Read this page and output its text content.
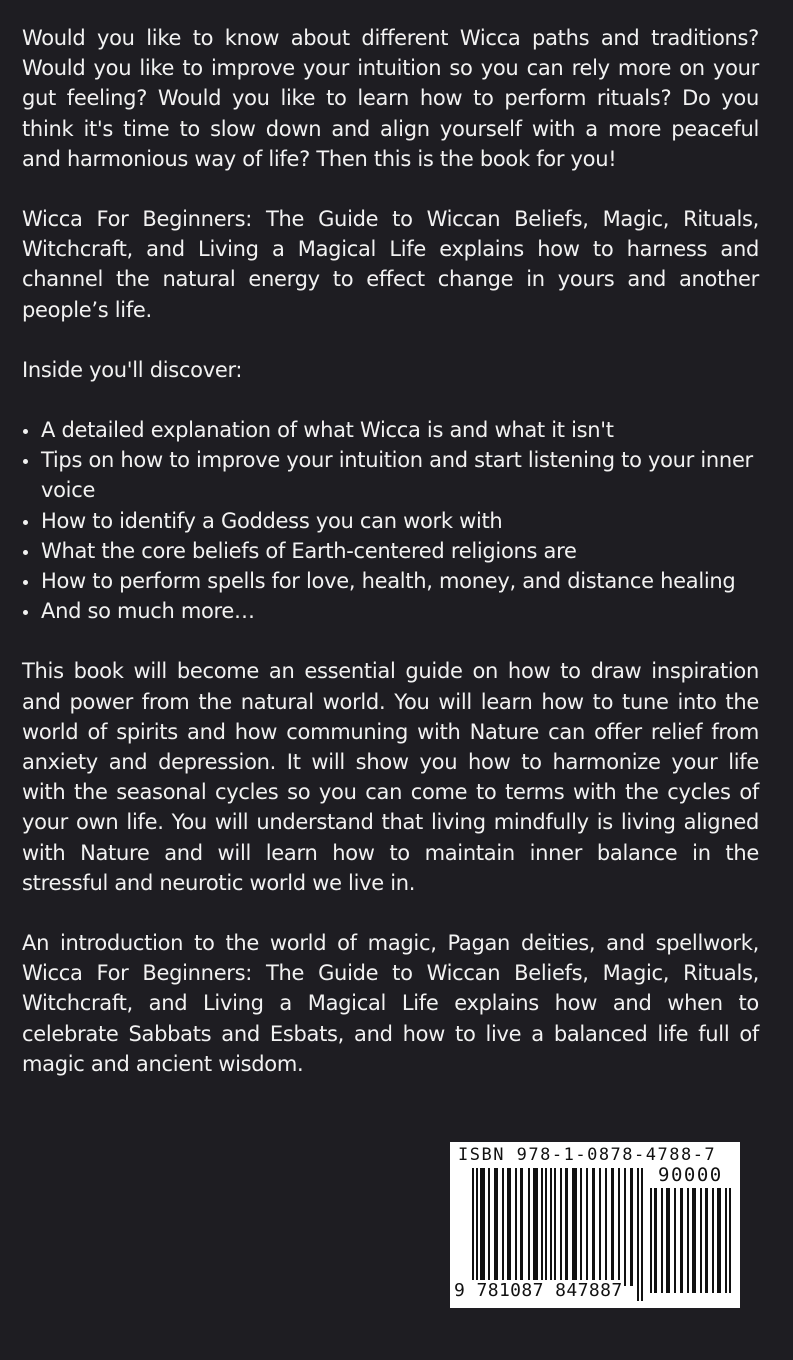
Would you like to know about different Wicca paths and traditions? Would you like to improve your intuition so you can rely more on your gut feeling? Would you like to learn how to perform rituals? Do you think it's time to slow down and align yourself with a more peaceful and harmonious way of life? Then this is the book for you!

Wicca For Beginners: The Guide to Wiccan Beliefs, Magic, Rituals, Witchcraft, and Living a Magical Life explains how to harness and channel the natural energy to effect change in yours and another people’s life.

Inside you'll discover:

A detailed explanation of what Wicca is and what it isn't
Tips on how to improve your intuition and start listening to your inner voice
How to identify a Goddess you can work with
What the core beliefs of Earth-centered religions are
How to perform spells for love, health, money, and distance healing
And so much more…

This book will become an essential guide on how to draw inspiration and power from the natural world. You will learn how to tune into the world of spirits and how communing with Nature can offer relief from anxiety and depression. It will show you how to harmonize your life with the seasonal cycles so you can come to terms with the cycles of your own life. You will understand that living mindfully is living aligned with Nature and will learn how to maintain inner balance in the stressful and neurotic world we live in.

An introduction to the world of magic, Pagan deities, and spellwork, Wicca For Beginners: The Guide to Wiccan Beliefs, Magic, Rituals, Witchcraft, and Living a Magical Life explains how and when to celebrate Sabbats and Esbats, and how to live a balanced life full of magic and ancient wisdom.

ISBN 978-1-0878-4788-7
90000
9 781087 847887
